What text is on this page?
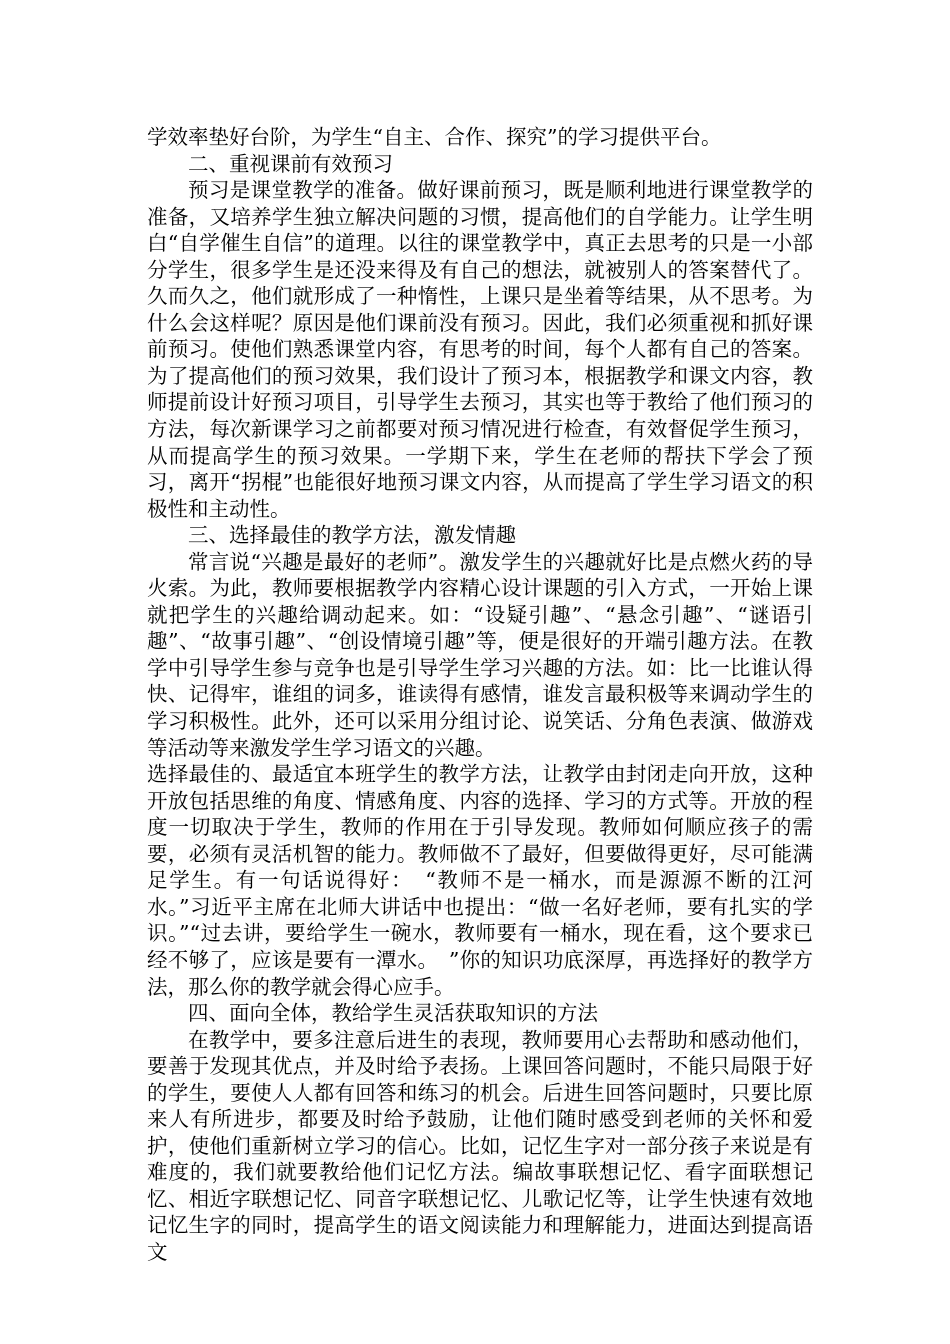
学效率垫好台阶，为学生“自主、合作、探究”的学习提供平台。

二、重视课前有效预习

预习是课堂教学的准备。做好课前预习，既是顺利地进行课堂教学的准备，又培养学生独立解决问题的习惯，提高他们的自学能力。让学生明白“自学催生自信”的道理。以往的课堂教学中，真正去思考的只是一小部分学生，很多学生是还没来得及有自己的想法，就被别人的答案替代了。久而久之，他们就形成了一种惰性，上课只是坐着等结果，从不思考。为什么会这样呢？原因是他们课前没有预习。因此，我们必须重视和抓好课前预习。使他们熟悉课堂内容，有思考的时间，每个人都有自己的答案。为了提高他们的预习效果，我们设计了预习本，根据教学和课文内容，教师提前设计好预习项目，引导学生去预习，其实也等于教给了他们预习的方法，每次新课学习之前都要对预习情况进行检查，有效督促学生预习，从而提高学生的预习效果。一学期下来，学生在老师的帮扶下学会了预习，离开“拐棍”也能很好地预习课文内容，从而提高了学生学习语文的积极性和主动性。

三、选择最佳的教学方法，激发情趣

常言说“兴趣是最好的老师”。激发学生的兴趣就好比是点燃火药的导火索。为此，教师要根据教学内容精心设计课题的引入方式，一开始上课就把学生的兴趣给调动起来。如：“设疑引趣”、“悬念引趣”、“谜语引趣”、“故事引趣”、“创设情境引趣”等，便是很好的开端引趣方法。在教学中引导学生参与竞争也是引导学生学习兴趣的方法。如：比一比谁认得快、记得牢，谁组的词多，谁读得有感情，谁发言最积极等来调动学生的学习积极性。此外，还可以采用分组讨论、说笑话、分角色表演、做游戏等活动等来激发学生学习语文的兴趣。

选择最佳的、最适宜本班学生的教学方法，让教学由封闭走向开放，这种开放包括思维的角度、情感角度、内容的选择、学习的方式等。开放的程度一切取决于学生，教师的作用在于引导发现。教师如何顺应孩子的需要，必须有灵活机智的能力。教师做不了最好，但要做得更好，尽可能满足学生。有一句话说得好：　“教师不是一桶水，而是源源不断的江河水。”习近平主席在北师大讲话中也提出：“做一名好老师，要有扎实的学识。”“过去讲，要给学生一碗水，教师要有一桶水，现在看，这个要求已经不够了，应该是要有一潭水。　”你的知识功底深厚，再选择好的教学方法，那么你的教学就会得心应手。

四、面向全体，教给学生灵活获取知识的方法

在教学中，要多注意后进生的表现，教师要用心去帮助和感动他们，要善于发现其优点，并及时给予表扬。上课回答问题时，不能只局限于好的学生，要使人人都有回答和练习的机会。后进生回答问题时，只要比原来人有所进步，都要及时给予鼓励，让他们随时感受到老师的关怀和爱护，使他们重新树立学习的信心。比如，记忆生字对一部分孩子来说是有难度的，我们就要教给他们记忆方法。编故事联想记忆、看字面联想记忆、相近字联想记忆、同音字联想记忆、儿歌记忆等，让学生快速有效地记忆生字的同时，提高学生的语文阅读能力和理解能力，进面达到提高语文
